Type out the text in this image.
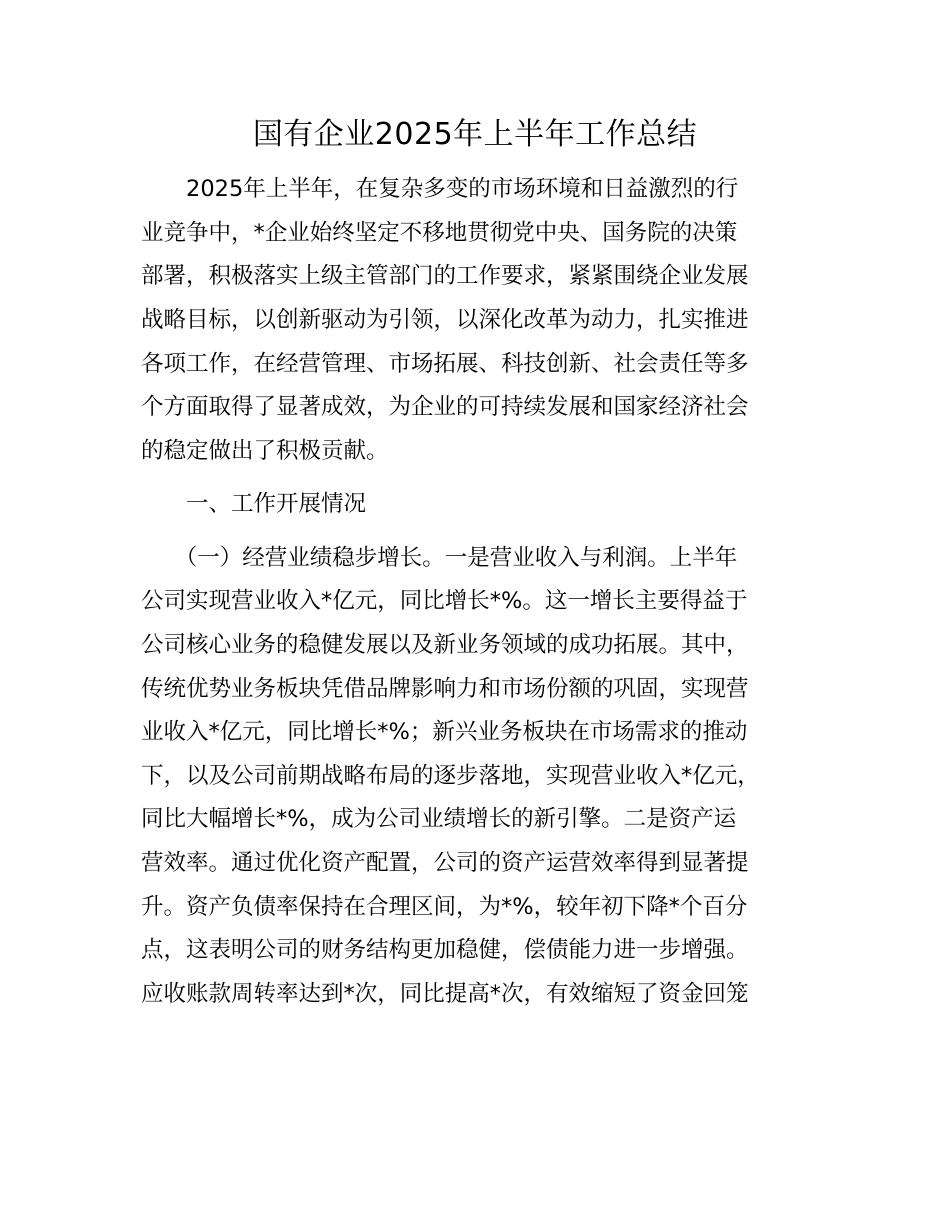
国有企业2025年上半年工作总结

　　2025年上半年，在复杂多变的市场环境和日益激烈的行

业竞争中，*企业始终坚定不移地贯彻党中央、国务院的决策

部署，积极落实上级主管部门的工作要求，紧紧围绕企业发展

战略目标，以创新驱动为引领，以深化改革为动力，扎实推进

各项工作，在经营管理、市场拓展、科技创新、社会责任等多

个方面取得了显著成效，为企业的可持续发展和国家经济社会

的稳定做出了积极贡献。

　　一、工作开展情况

　　（一）经营业绩稳步增长。一是营业收入与利润。上半年

公司实现营业收入*亿元，同比增长*%。这一增长主要得益于

公司核心业务的稳健发展以及新业务领域的成功拓展。其中，

传统优势业务板块凭借品牌影响力和市场份额的巩固，实现营

业收入*亿元，同比增长*%；新兴业务板块在市场需求的推动

下，以及公司前期战略布局的逐步落地，实现营业收入*亿元，

同比大幅增长*%，成为公司业绩增长的新引擎。二是资产运

营效率。通过优化资产配置，公司的资产运营效率得到显著提

升。资产负债率保持在合理区间，为*%，较年初下降*个百分

点，这表明公司的财务结构更加稳健，偿债能力进一步增强。

应收账款周转率达到*次，同比提高*次，有效缩短了资金回笼
